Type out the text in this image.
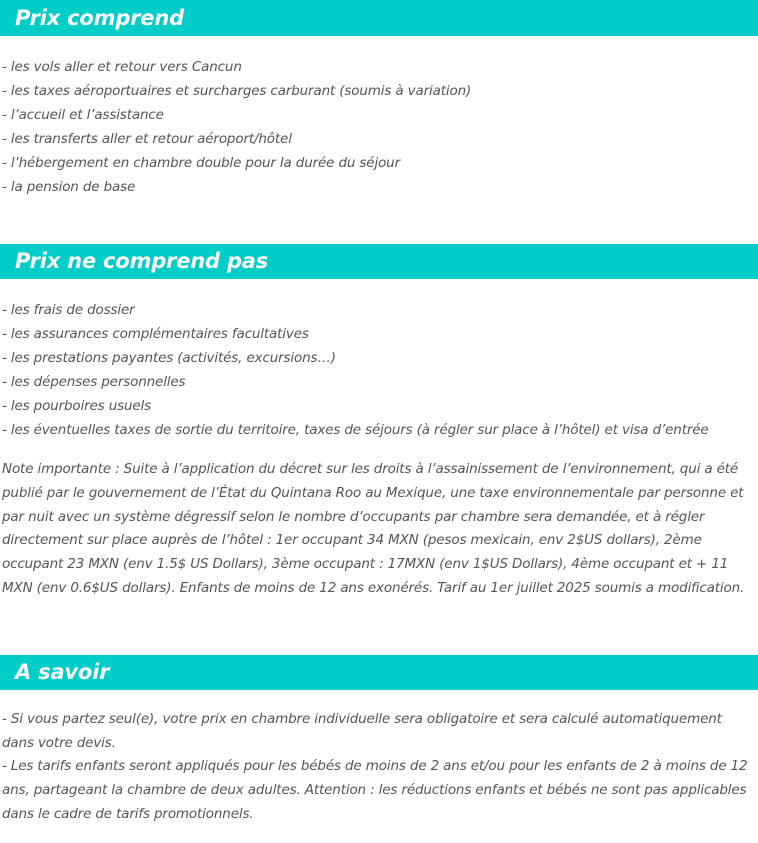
Prix comprend
- les vols aller et retour vers Cancun
- les taxes aéroportuaires et surcharges carburant (soumis à variation)
- l’accueil et l’assistance
- les transferts aller et retour aéroport/hôtel
- l’hébergement en chambre double pour la durée du séjour
- la pension de base
Prix ne comprend pas
- les frais de dossier
- les assurances complémentaires facultatives
- les prestations payantes (activités, excursions…)
- les dépenses personnelles
- les pourboires usuels
- les éventuelles taxes de sortie du territoire, taxes de séjours (à régler sur place à l’hôtel) et visa d’entrée
Note importante : Suite à l’application du décret sur les droits à l’assainissement de l’environnement, qui a été publié par le gouvernement de l’État du Quintana Roo au Mexique, une taxe environnementale par personne et par nuit avec un système dégressif selon le nombre d’occupants par chambre sera demandée, et à régler directement sur place auprès de l’hôtel : 1er occupant 34 MXN (pesos mexicain, env 2$US dollars), 2ème occupant 23 MXN (env 1.5$ US Dollars), 3ème occupant : 17MXN (env 1$US Dollars), 4ème occupant et + 11 MXN (env 0.6$US dollars). Enfants de moins de 12 ans exonérés. Tarif au 1er juillet 2025 soumis a modification.
A savoir
- Si vous partez seul(e), votre prix en chambre individuelle sera obligatoire et sera calculé automatiquement dans votre devis.
- Les tarifs enfants seront appliqués pour les bébés de moins de 2 ans et/ou pour les enfants de 2 à moins de 12 ans, partageant la chambre de deux adultes. Attention : les réductions enfants et bébés ne sont pas applicables dans le cadre de tarifs promotionnels.
